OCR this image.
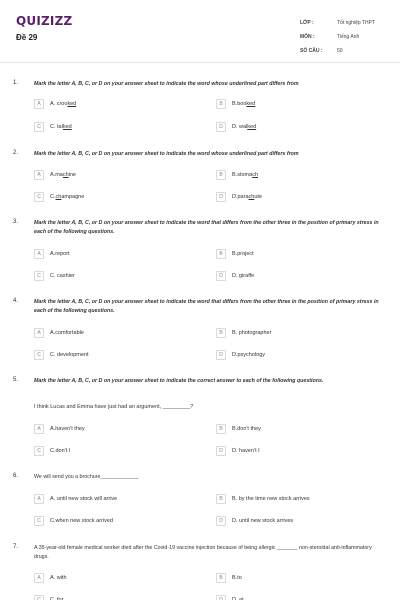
QUIZIZZ
Đề 29
LỚP :	Tốt nghiệp THPT
MÔN :	Tiếng Anh
SỐ CÂU :	50
1.	Mark the letter A, B, C, or D on your answer sheet to indicate the word whose underlined part differs from
A	A. crooked	B	B.booked
C	C. talked	D	D. walked
2.	Mark the letter A, B, C, or D on your answer sheet to indicate the word whose underlined part differs from
A	A.machine	B	B.stomach
C	C.champagne	D	D.parachute
3.	Mark the letter A, B, C, or D on your answer sheet to indicate the word that differs from the other three in the position of primary stress in each of the following questions.
A	A.report	B	B.project
C	C. cashier	D	D. giraffe
4.	Mark the letter A, B, C, or D on your answer sheet to indicate the word that differs from the other three in the position of primary stress in each of the following questions.
A	A.comfortable	B	B. photographer
C	C. development	D	D.psychology
5.	Mark the letter A, B, C, or D on your answer sheet to indicate the correct answer to each of the following questions.
I think Lucas and Emma have just had an argument, _________?
A	A.haven't they	B	B.don't they
C	C.don't I	D	D. haven't I
6.	We will send you a brochure_____________
A	A. until new stock will arrive	B	B. by the time new stock arrives
C	C.when new stock arrived	D	D. until new stock arrives
7.	A 35-year-old female medical worker died after the Covid-19 vaccine injection because of being allergic _______ non-steroidal anti-inflammatory drugs.
A	A. with	B	B.to
C	C. for	D	D. at
